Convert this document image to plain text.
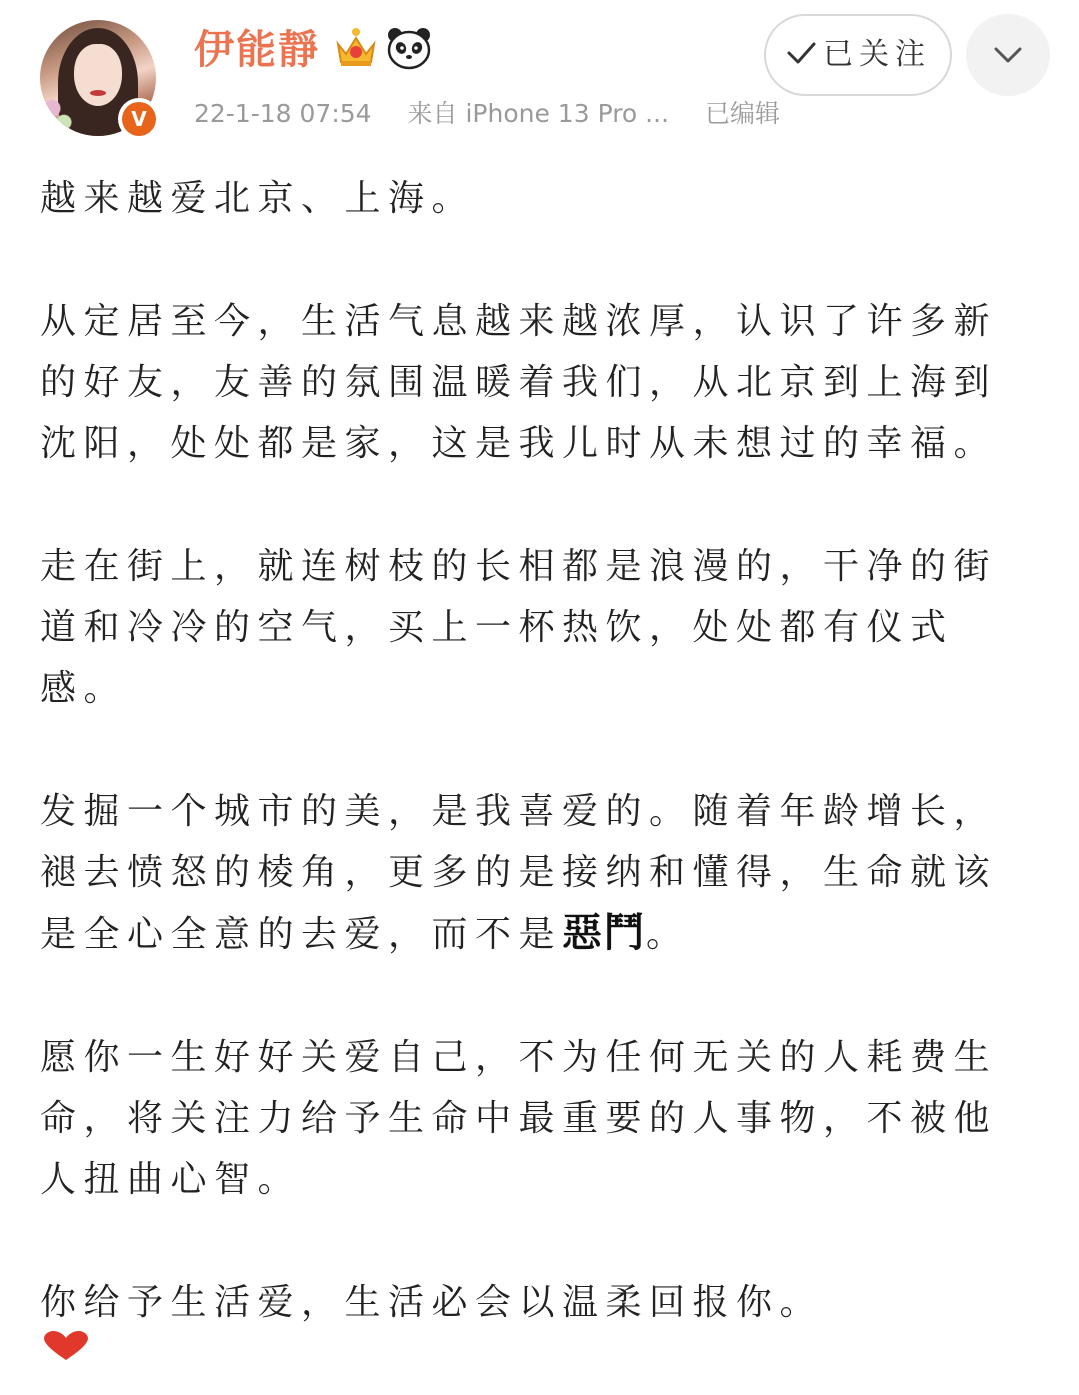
V
伊能靜
22-1-18 07:54 来自 iPhone 13 Pro ... 已编辑
已关注

越来越爱北京、上海。

从定居至今，生活气息越来越浓厚，认识了许多新的好友，友善的氛围温暖着我们，从北京到上海到沈阳，处处都是家，这是我儿时从未想过的幸福。

走在街上，就连树枝的长相都是浪漫的，干净的街道和冷冷的空气，买上一杯热饮，处处都有仪式感。

发掘一个城市的美，是我喜爱的。随着年龄增长，褪去愤怒的棱角，更多的是接纳和懂得，生命就该是全心全意的去爱，而不是惡鬥。

愿你一生好好关爱自己，不为任何无关的人耗费生命，将关注力给予生命中最重要的人事物，不被他人扭曲心智。

你给予生活爱，生活必会以温柔回报你。
